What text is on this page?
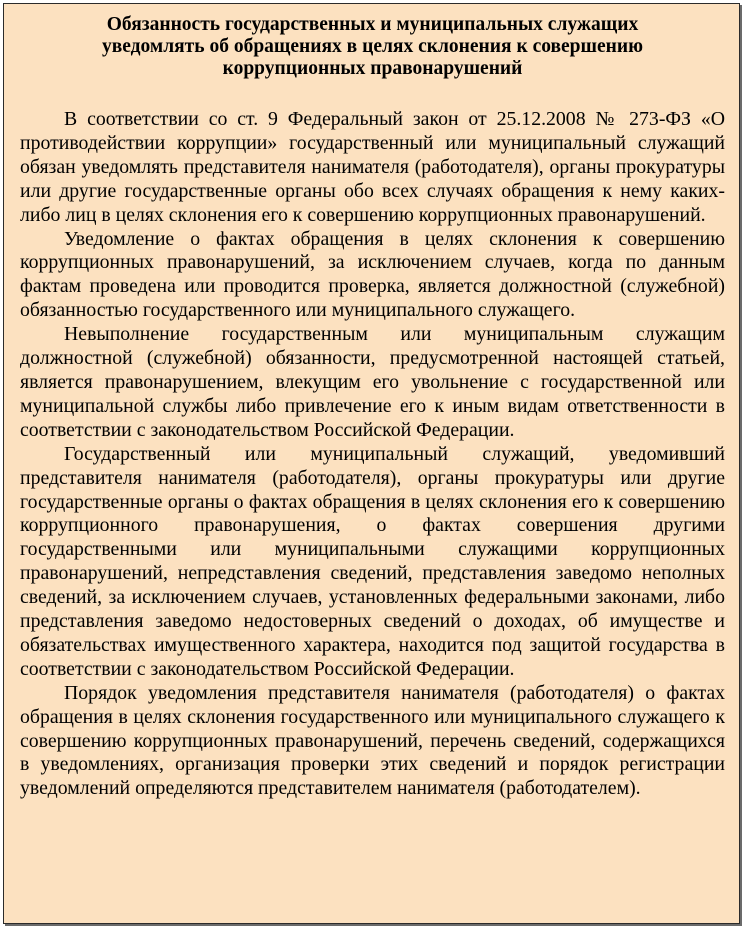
Обязанность государственных и муниципальных служащих уведомлять об обращениях в целях склонения к совершению коррупционных правонарушений

В соответствии со ст. 9 Федеральный закон от 25.12.2008 № 273-ФЗ «О противодействии коррупции» государственный или муниципальный служащий обязан уведомлять представителя нанимателя (работодателя), органы прокуратуры или другие государственные органы обо всех случаях обращения к нему каких-либо лиц в целях склонения его к совершению коррупционных правонарушений.

Уведомление о фактах обращения в целях склонения к совершению коррупционных правонарушений, за исключением случаев, когда по данным фактам проведена или проводится проверка, является должностной (служебной) обязанностью государственного или муниципального служащего.

Невыполнение государственным или муниципальным служащим должностной (служебной) обязанности, предусмотренной настоящей статьей, является правонарушением, влекущим его увольнение с государственной или муниципальной службы либо привлечение его к иным видам ответственности в соответствии с законодательством Российской Федерации.

Государственный или муниципальный служащий, уведомивший представителя нанимателя (работодателя), органы прокуратуры или другие государственные органы о фактах обращения в целях склонения его к совершению коррупционного правонарушения, о фактах совершения другими государственными или муниципальными служащими коррупционных правонарушений, непредставления сведений, представления заведомо неполных сведений, за исключением случаев, установленных федеральными законами, либо представления заведомо недостоверных сведений о доходах, об имуществе и обязательствах имущественного характера, находится под защитой государства в соответствии с законодательством Российской Федерации.

Порядок уведомления представителя нанимателя (работодателя) о фактах обращения в целях склонения государственного или муниципального служащего к совершению коррупционных правонарушений, перечень сведений, содержащихся в уведомлениях, организация проверки этих сведений и порядок регистрации уведомлений определяются представителем нанимателя (работодателем).
